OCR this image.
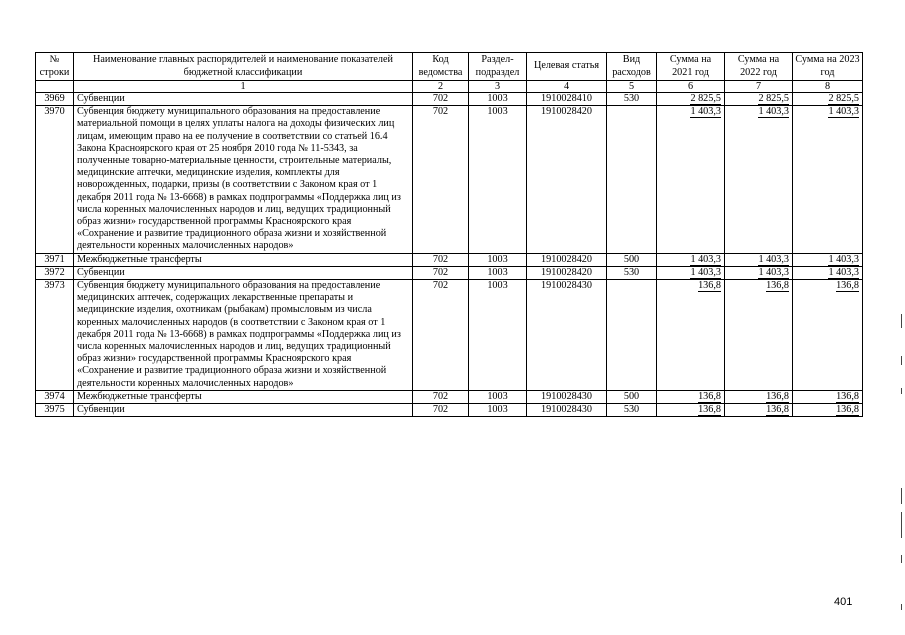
№ строки	Наименование главных распорядителей и наименование показателей бюджетной классификации	Код ведомства	Раздел-подраздел	Целевая статья	Вид расходов	Сумма на 2021 год	Сумма на 2022 год	Сумма на 2023 год
	1	2	3	4	5	6	7	8
3969	Субвенции	702	1003	1910028410	530	2 825,5	2 825,5	2 825,5
3970	Субвенция бюджету муниципального образования на предоставление материальной помощи в целях уплаты налога на доходы физических лиц лицам, имеющим право на ее получение в соответствии со статьей 16.4 Закона Красноярского края от 25 ноября 2010 года № 11-5343, за полученные товарно-материальные ценности, строительные материалы, медицинские аптечки, медицинские изделия, комплекты для новорожденных, подарки, призы (в соответствии с Законом края от 1 декабря 2011 года № 13-6668) в рамках подпрограммы «Поддержка лиц из числа коренных малочисленных народов и лиц, ведущих традиционный образ жизни» государственной программы Красноярского края «Сохранение и развитие традиционного образа жизни и хозяйственной деятельности коренных малочисленных народов»	702	1003	1910028420		1 403,3	1 403,3	1 403,3
3971	Межбюджетные трансферты	702	1003	1910028420	500	1 403,3	1 403,3	1 403,3
3972	Субвенции	702	1003	1910028420	530	1 403,3	1 403,3	1 403,3
3973	Субвенция бюджету муниципального образования на предоставление медицинских аптечек, содержащих лекарственные препараты и медицинские изделия, охотникам (рыбакам) промысловым из числа коренных малочисленных народов (в соответствии с Законом края от 1 декабря 2011 года № 13-6668) в рамках подпрограммы «Поддержка лиц из числа коренных малочисленных народов и лиц, ведущих традиционный образ жизни» государственной программы Красноярского края «Сохранение и развитие традиционного образа жизни и хозяйственной деятельности коренных малочисленных народов»	702	1003	1910028430		136,8	136,8	136,8
3974	Межбюджетные трансферты	702	1003	1910028430	500	136,8	136,8	136,8
3975	Субвенции	702	1003	1910028430	530	136,8	136,8	136,8
401
